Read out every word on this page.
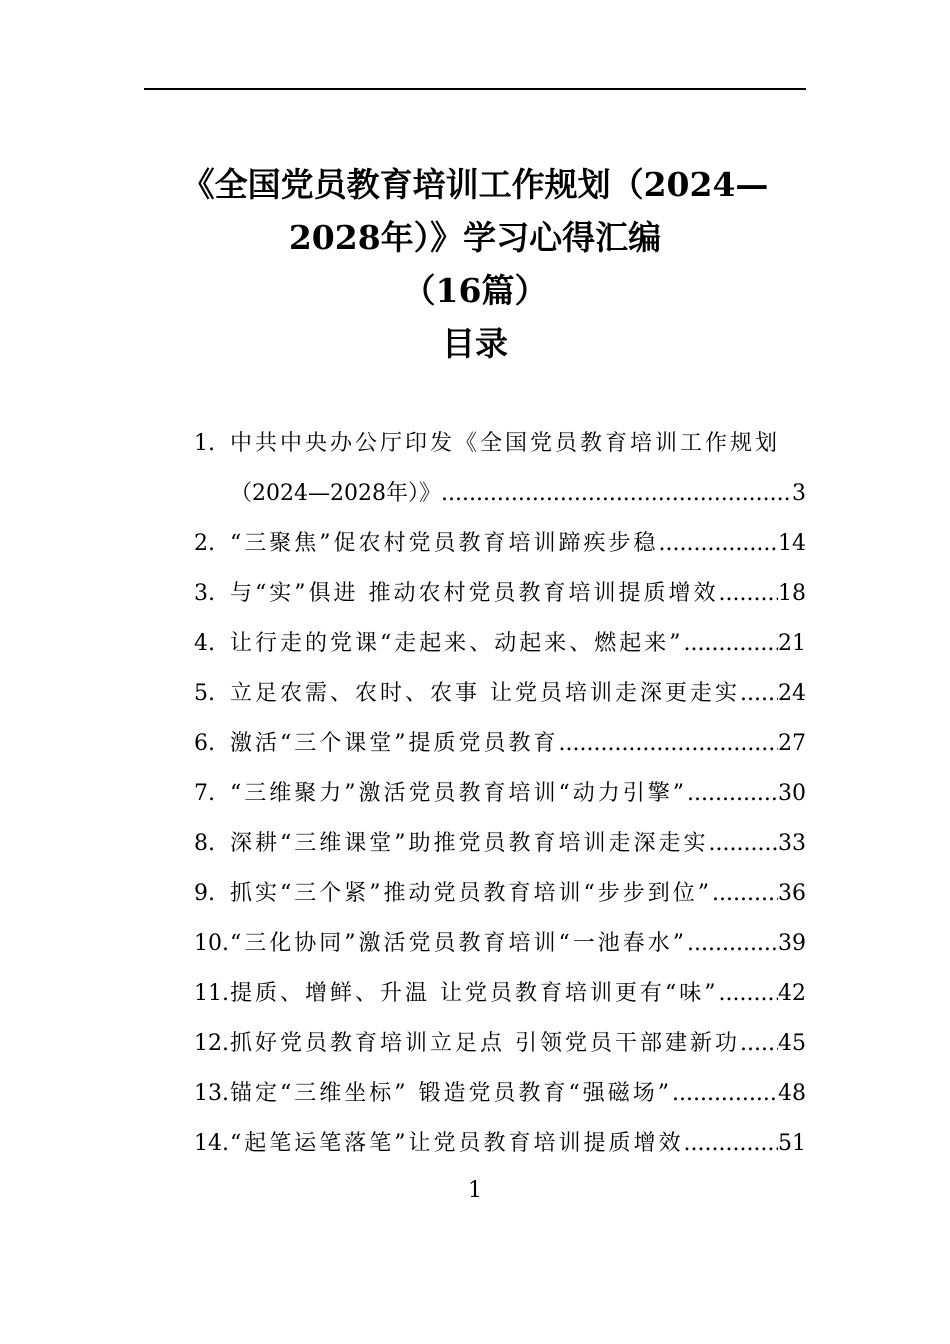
《全国党员教育培训工作规划（2024—
2028年）》学习心得汇编
（16篇）
目录
1. 中共中央办公厅印发《全国党员教育培训工作规划
（2024—2028年）》 .....	3
2. “三聚焦”促农村党员教育培训蹄疾步稳 .....	14
3. 与“实”俱进 推动农村党员教育培训提质增效 .....	18
4. 让行走的党课“走起来、动起来、燃起来” .....	21
5. 立足农需、农时、农事 让党员培训走深更走实 ..... 24
6. 激活“三个课堂”提质党员教育 .....	27
7. “三维聚力”激活党员教育培训“动力引擎” .....	30
8. 深耕“三维课堂”助推党员教育培训走深走实 .....	33
9. 抓实“三个紧”推动党员教育培训“步步到位” .....	36
10. “三化协同”激活党员教育培训“一池春水” .....	39
11. 提质、增鲜、升温 让党员教育培训更有“味” .....	42
12. 抓好党员教育培训立足点 引领党员干部建新功 ..... 45
13. 锚定“三维坐标” 锻造党员教育“强磁场” .....	48
14. “起笔运笔落笔”让党员教育培训提质增效 .....	51
1
